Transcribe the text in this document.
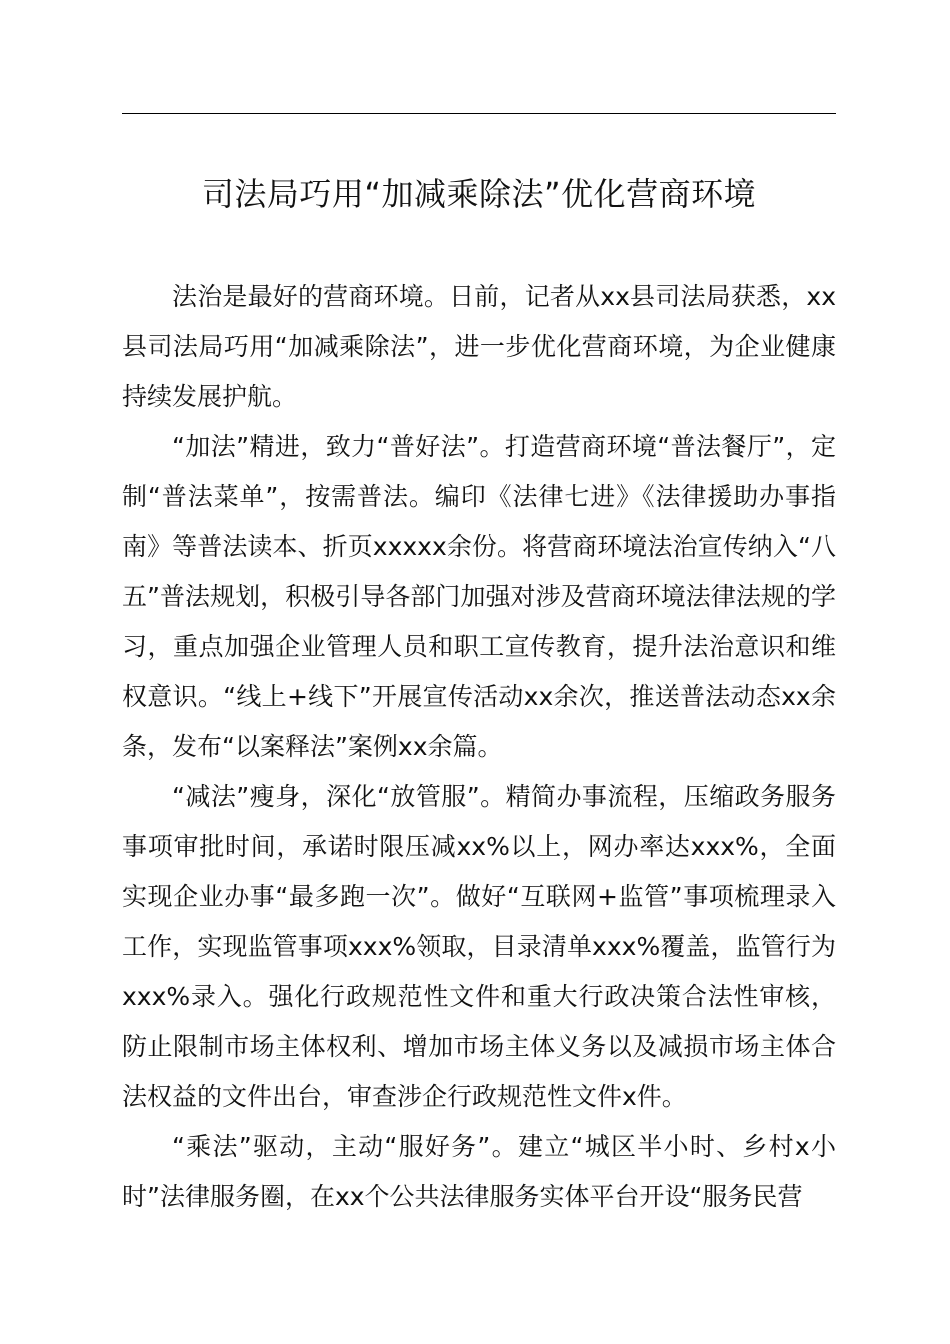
司法局巧用“加减乘除法”优化营商环境

法治是最好的营商环境。日前，记者从xx县司法局获悉，xx县司法局巧用“加减乘除法”，进一步优化营商环境，为企业健康持续发展护航。

“加法”精进，致力“普好法”。打造营商环境“普法餐厅”，定制“普法菜单”，按需普法。编印《法律七进》《法律援助办事指南》等普法读本、折页xxxxx余份。将营商环境法治宣传纳入“八五”普法规划，积极引导各部门加强对涉及营商环境法律法规的学习，重点加强企业管理人员和职工宣传教育，提升法治意识和维权意识。“线上+线下”开展宣传活动xx余次，推送普法动态xx余条，发布“以案释法”案例xx余篇。

“减法”瘦身，深化“放管服”。精简办事流程，压缩政务服务事项审批时间，承诺时限压减xx%以上，网办率达xxx%，全面实现企业办事“最多跑一次”。做好“互联网+监管”事项梳理录入工作，实现监管事项xxx%领取，目录清单xxx%覆盖，监管行为xxx%录入。强化行政规范性文件和重大行政决策合法性审核，防止限制市场主体权利、增加市场主体义务以及减损市场主体合法权益的文件出台，审查涉企行政规范性文件x件。

“乘法”驱动，主动“服好务”。建立“城区半小时、乡村x小时”法律服务圈，在xx个公共法律服务实体平台开设“服务民营
